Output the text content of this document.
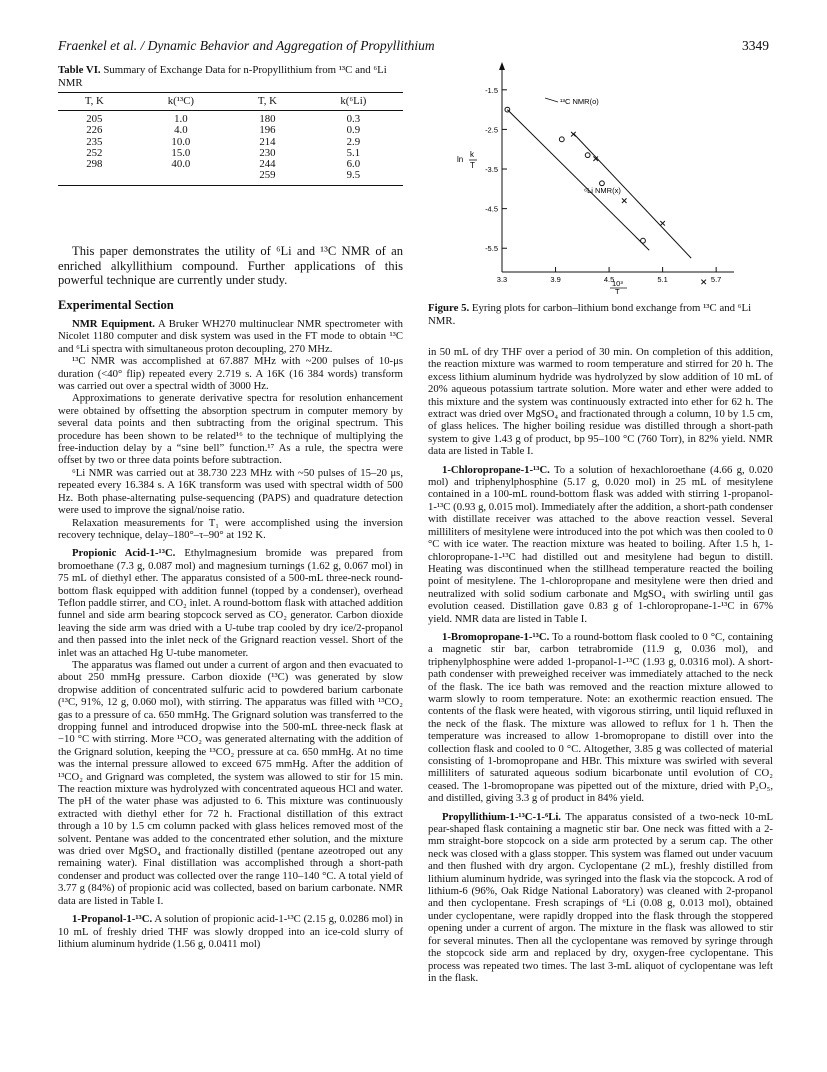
Fraenkel et al. / Dynamic Behavior and Aggregation of Propyllithium	3349
Table VI. Summary of Exchange Data for n-Propyllithium from ¹³C and ⁶Li NMR
T, K	k(¹³C)	T, K	k(⁶Li)
205	1.0	180	0.3
226	4.0	196	0.9
235	10.0	214	2.9
252	15.0	230	5.1
298	40.0	244	6.0
		259	9.5
This paper demonstrates the utility of ⁶Li and ¹³C NMR of an enriched alkyllithium compound. Further applications of this powerful technique are currently under study.
Experimental Section

NMR Equipment. A Bruker WH270 multinuclear NMR spectrometer with Nicolet 1180 computer and disk system was used in the FT mode to obtain ¹³C and ⁶Li spectra with simultaneous proton decoupling, 270 MHz.

¹³C NMR was accomplished at 67.887 MHz with ~200 pulses of 10-μs duration (<40° flip) repeated every 2.719 s. A 16K (16 384 words) transform was carried out over a spectral width of 3000 Hz.

Approximations to generate derivative spectra for resolution enhancement were obtained by offsetting the absorption spectrum in computer memory by several data points and then subtracting from the original spectrum. This procedure has been shown to be related¹⁶ to the technique of multiplying the free-induction delay by a “sine bell” function.¹⁷ As a rule, the spectra were offset by two or three data points before subtraction.

⁶Li NMR was carried out at 38.730 223 MHz with ~50 pulses of 15–20 μs, repeated every 16.384 s. A 16K transform was used with spectral width of 500 Hz. Both phase-alternating pulse-sequencing (PAPS) and quadrature detection were used to improve the signal/noise ratio.

Relaxation measurements for T₁ were accomplished using the inversion recovery technique, delay–180°–τ–90° at 192 K.

Propionic Acid-1-¹³C. Ethylmagnesium bromide was prepared from bromoethane (7.3 g, 0.087 mol) and magnesium turnings (1.62 g, 0.067 mol) in 75 mL of diethyl ether. The apparatus consisted of a 500-mL three-neck round-bottom flask equipped with addition funnel (topped by a condenser), overhead Teflon paddle stirrer, and CO₂ inlet. A round-bottom flask with attached addition funnel and side arm bearing stopcock served as CO₂ generator. Carbon dioxide leaving the side arm was dried with a U-tube trap cooled by dry ice/2-propanol and then passed into the inlet neck of the Grignard reaction vessel. Short of the inlet was an attached Hg U-tube manometer.

The apparatus was flamed out under a current of argon and then evacuated to about 250 mmHg pressure. Carbon dioxide (¹³C) was generated by slow dropwise addition of concentrated sulfuric acid to powdered barium carbonate (¹³C, 91%, 12 g, 0.060 mol), with stirring. The apparatus was filled with ¹³CO₂ gas to a pressure of ca. 650 mmHg. The Grignard solution was transferred to the dropping funnel and introduced dropwise into the 500-mL three-neck flask at −10 °C with stirring. More ¹³CO₂ was generated alternating with the addition of the Grignard solution, keeping the ¹³CO₂ pressure at ca. 650 mmHg. At no time was the internal pressure allowed to exceed 675 mmHg. After the addition of ¹³CO₂ and Grignard was completed, the system was allowed to stir for 15 min. The reaction mixture was hydrolyzed with concentrated aqueous HCl and water. The pH of the water phase was adjusted to 6. This mixture was continuously extracted with diethyl ether for 72 h. Fractional distillation of this extract through a 10 by 1.5 cm column packed with glass helices removed most of the solvent. Pentane was added to the concentrated ether solution, and the mixture was dried over MgSO₄ and fractionally distilled (pentane azeotroped out any remaining water). Final distillation was accomplished through a short-path condenser and product was collected over the range 110–140 °C. A total yield of 3.77 g (84%) of propionic acid was collected, based on barium carbonate. NMR data are listed in Table I.

1-Propanol-1-¹³C. A solution of propionic acid-1-¹³C (2.15 g, 0.0286 mol) in 10 mL of freshly dried THF was slowly dropped into an ice-cold slurry of lithium aluminum hydride (1.56 g, 0.0411 mol)

-1.5
-2.5
-3.5
-4.5
-5.5
3.3	3.9	4.5	5.1	5.7
ln
k
T
10³
T
¹³C NMR(o)
⁶Li NMR(x)
Figure 5. Eyring plots for carbon–lithium bond exchange from ¹³C and ⁶Li NMR.

in 50 mL of dry THF over a period of 30 min. On completion of this addition, the reaction mixture was warmed to room temperature and stirred for 20 h. The excess lithium aluminum hydride was hydrolyzed by slow addition of 10 mL of 20% aqueous potassium tartrate solution. More water and ether were added to this mixture and the system was continuously extracted into ether for 62 h. The extract was dried over MgSO₄ and fractionated through a column, 10 by 1.5 cm, of glass helices. The higher boiling residue was distilled through a short-path system to give 1.43 g of product, bp 95–100 °C (760 Torr), in 82% yield. NMR data are listed in Table I.

1-Chloropropane-1-¹³C. To a solution of hexachloroethane (4.66 g, 0.020 mol) and triphenylphosphine (5.17 g, 0.020 mol) in 25 mL of mesitylene contained in a 100-mL round-bottom flask was added with stirring 1-propanol-1-¹³C (0.93 g, 0.015 mol). Immediately after the addition, a short-path condenser with distillate receiver was attached to the above reaction vessel. Several milliliters of mesitylene were introduced into the pot which was then cooled to 0 °C with ice water. The reaction mixture was heated to boiling. After 1.5 h, 1-chloropropane-1-¹³C had distilled out and mesitylene had begun to distill. Heating was discontinued when the stillhead temperature reacted the boiling point of mesitylene. The 1-chloropropane and mesitylene were then dried and neutralized with solid sodium carbonate and MgSO₄ with swirling until gas evolution ceased. Distillation gave 0.83 g of 1-chloropropane-1-¹³C in 67% yield. NMR data are listed in Table I.

1-Bromopropane-1-¹³C. To a round-bottom flask cooled to 0 °C, containing a magnetic stir bar, carbon tetrabromide (11.9 g, 0.036 mol), and triphenylphosphine were added 1-propanol-1-¹³C (1.93 g, 0.0316 mol). A short-path condenser with preweighed receiver was immediately attached to the neck of the flask. The ice bath was removed and the reaction mixture allowed to warm slowly to room temperature. Note: an exothermic reaction ensued. The contents of the flask were heated, with vigorous stirring, until liquid refluxed in the neck of the flask. The mixture was allowed to reflux for 1 h. Then the temperature was increased to allow 1-bromopropane to distill over into the collection flask and cooled to 0 °C. Altogether, 3.85 g was collected of material consisting of 1-bromopropane and HBr. This mixture was swirled with several milliliters of saturated aqueous sodium bicarbonate until evolution of CO₂ ceased. The 1-bromopropane was pipetted out of the mixture, dried with P₂O₅, and distilled, giving 3.3 g of product in 84% yield.

Propyllithium-1-¹³C-1-⁶Li. The apparatus consisted of a two-neck 10-mL pear-shaped flask containing a magnetic stir bar. One neck was fitted with a 2-mm straight-bore stopcock on a side arm protected by a serum cap. The other neck was closed with a glass stopper. This system was flamed out under vacuum and then flushed with dry argon. Cyclopentane (2 mL), freshly distilled from lithium aluminum hydride, was syringed into the flask via the stopcock. A rod of lithium-6 (96%, Oak Ridge National Laboratory) was cleaned with 2-propanol and then cyclopentane. Fresh scrapings of ⁶Li (0.08 g, 0.013 mol), obtained under cyclopentane, were rapidly dropped into the flask through the stoppered opening under a current of argon. The mixture in the flask was allowed to stir for several minutes. Then all the cyclopentane was removed by syringe through the stopcock side arm and replaced by dry, oxygen-free cyclopentane. This process was repeated two times. The last 3-mL aliquot of cyclopentane was left in the flask.
